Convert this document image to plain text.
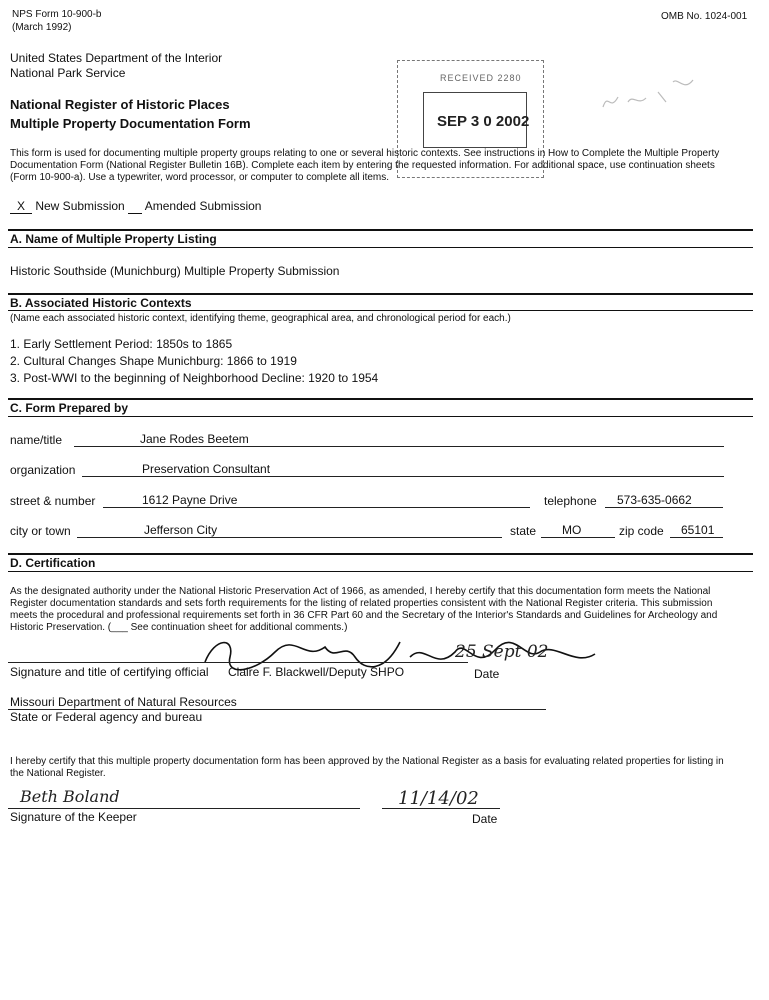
NPS Form 10-900-b
(March 1992)
OMB No. 1024-001
United States Department of the Interior
National Park Service
National Register of Historic Places
Multiple Property Documentation Form
RECEIVED 2280
SEP 3 0 2002
This form is used for documenting multiple property groups relating to one or several historic contexts. See instructions in How to Complete the Multiple Property
Documentation Form (National Register Bulletin 16B). Complete each item by entering the requested information. For additional space, use continuation sheets
(Form 10-900-a). Use a typewriter, word processor, or computer to complete all items.
X New Submission Amended Submission
A. Name of Multiple Property Listing
Historic Southside (Munichburg) Multiple Property Submission
B. Associated Historic Contexts
(Name each associated historic context, identifying theme, geographical area, and chronological period for each.)
1. Early Settlement Period: 1850s to 1865
2. Cultural Changes Shape Munichburg: 1866 to 1919
3. Post-WWI to the beginning of Neighborhood Decline: 1920 to 1954
C. Form Prepared by
name/title	Jane Rodes Beetem
organization	Preservation Consultant
street & number	1612 Payne Drive	telephone 573-635-0662
city or town	Jefferson City	state MO	zip code 65101
D. Certification
As the designated authority under the National Historic Preservation Act of 1966, as amended, I hereby certify that this documentation form meets the National
Register documentation standards and sets forth requirements for the listing of related properties consistent with the National Register criteria. This submission
meets the procedural and professional requirements set forth in 36 CFR Part 60 and the Secretary of the Interior's Standards and Guidelines for Archeology and
Historic Preservation. (___ See continuation sheet for additional comments.)
25 Sept 02
Signature and title of certifying official Claire F. Blackwell/Deputy SHPO	Date
Missouri Department of Natural Resources
State or Federal agency and bureau
I hereby certify that this multiple property documentation form has been approved by the National Register as a basis for evaluating related properties for listing in
the National Register.
Beth Boland
Signature of the Keeper
11/14/02
Date
